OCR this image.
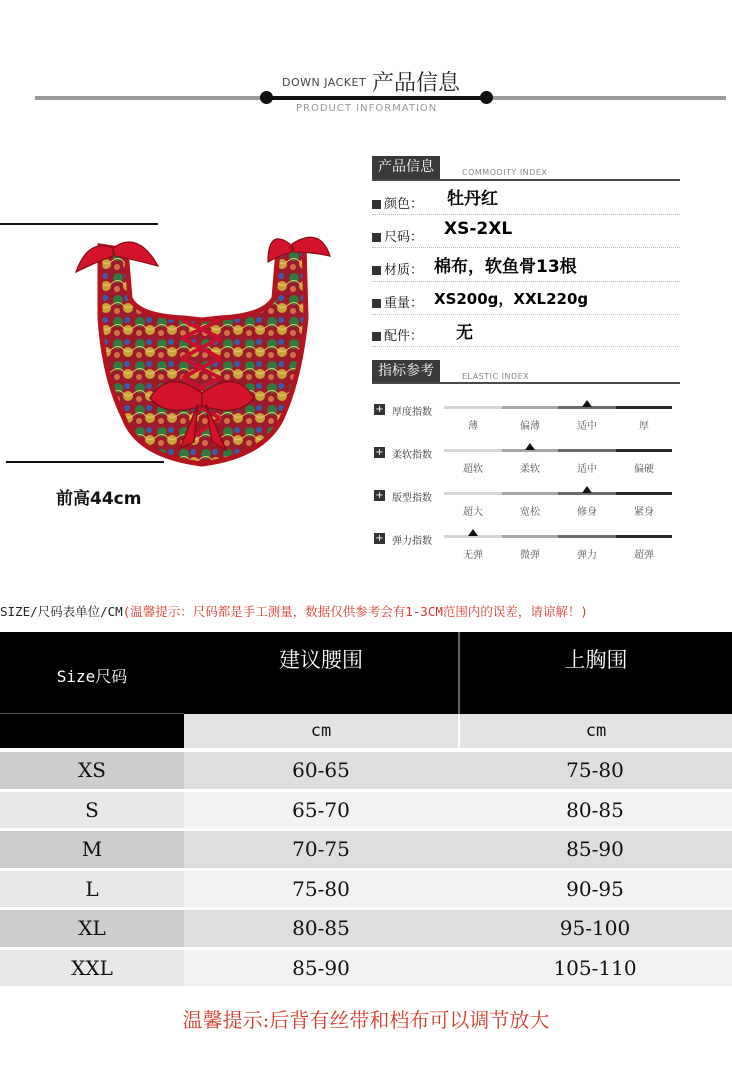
DOWN JACKET 产品信息
PRODUCT INFORMATION
前高44cm
产品信息	COMMODITY INDEX
颜色： 牡丹红
尺码： XS-2XL
材质： 棉布，软鱼骨13根
重量： XS200g，XXL220g
配件： 无
指标参考	ELASTIC INDEX
+ 厚度指数
薄	偏薄	适中	厚
+ 柔软指数
超软	柔软	适中	偏硬
+ 版型指数
超大	宽松	修身	紧身
+ 弹力指数
无弹	微弹	弹力	超弹
SIZE/尺码表单位/CM(温馨提示：尺码都是手工测量，数据仅供参考会有1-3CM范围内的误差，请谅解！)
Size尺码
建议腰围	上胸围
cm	cm
XS	60-65	75-80
S	65-70	80-85
M	70-75	85-90
L	75-80	90-95
XL	80-85	95-100
XXL	85-90	105-110
温馨提示:后背有丝带和档布可以调节放大
